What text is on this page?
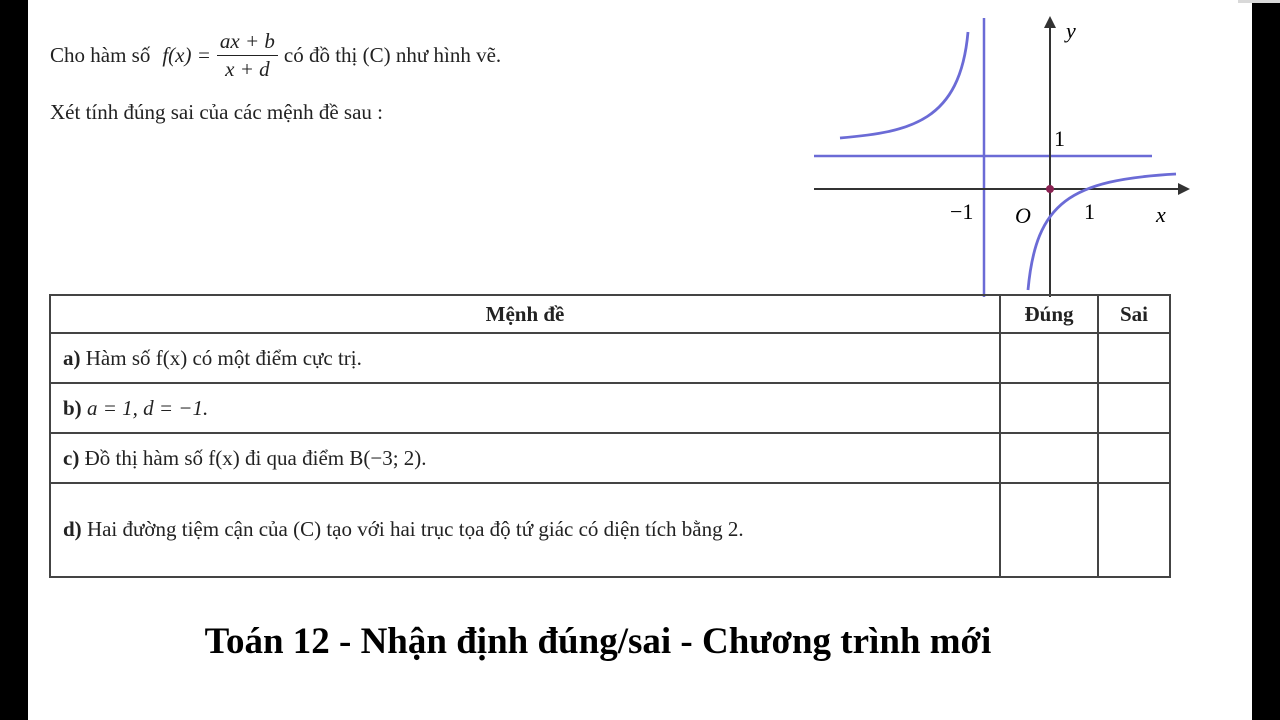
Cho hàm số $f(x) = \frac{ax + b}{x + d}$ có đồ thị (C) như hình vẽ.
Xét tính đúng sai của các mệnh đề sau :
y
1
−1 O 1	x
Mệnh đề	Đúng	Sai
a) Hàm số f(x) có một điểm cực trị.		
b) a = 1, d = −1.		
c) Đồ thị hàm số f(x) đi qua điểm B(−3; 2).		
d) Hai đường tiệm cận của (C) tạo với hai trục tọa độ tứ giác có diện tích bằng 2.		
Toán 12 - Nhận định đúng/sai - Chương trình mới
